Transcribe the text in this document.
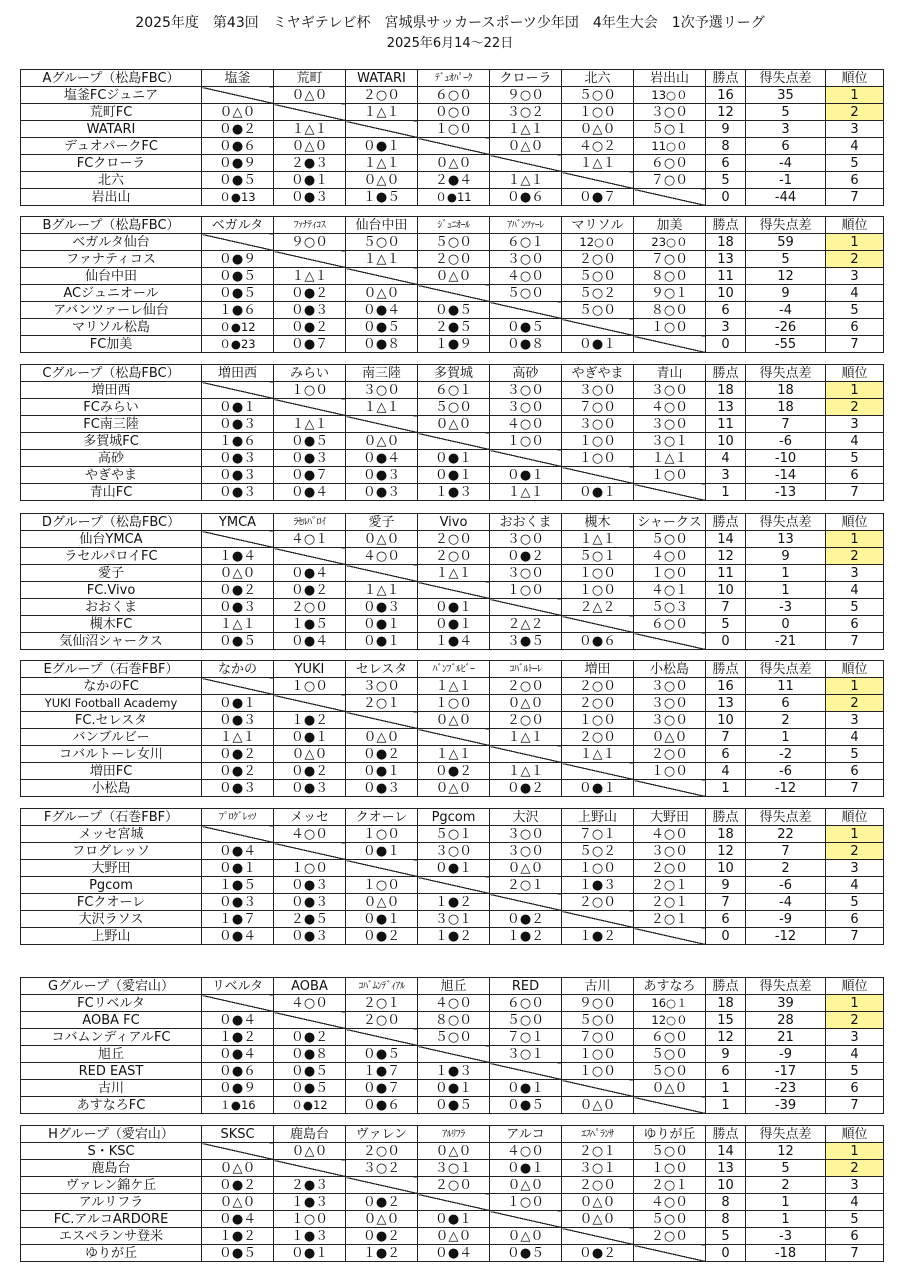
2025年度　第43回　ミヤギテレビ杯　宮城県サッカースポーツ少年団　4年生大会　1次予選リーグ
2025年6月14～22日
Aグループ（松島FBC）	塩釜	荒町	WATARI	ﾃﾞｭｵﾊﾟｰｸ	クローラ	北六	岩出山	勝点	得失点差	順位
塩釜FCジュニア		０△０	２○０	６○０	９○０	５○０	13○０	16	35	1
荒町FC	０△０		１△１	０○０	３○２	１○０	３○０	12	5	2
WATARI	０●２	１△１		１○０	１△１	０△０	５○１	9	3	3
デュオパークFC	０●６	０△０	０●１		０△０	４○２	11○０	8	6	4
FCクローラ	０●９	２●３	１△１	０△０		１△１	６○０	6	-4	5
北六	０●５	０●１	０△０	２●４	１△１		７○０	5	-1	6
岩出山	０●13	０●３	１●５	０●11	０●６	０●７		0	-44	7
Bグループ（松島FBC）	ベガルタ	ﾌｧﾅﾃｨｺｽ	仙台中田	ｼﾞｭﾆｵｰﾙ	ｱﾊﾞﾝﾂｧｰﾚ	マリソル	加美	勝点	得失点差	順位
ベガルタ仙台		９○０	５○０	５○０	６○１	12○０	23○０	18	59	1
ファナティコス	０●９		１△１	２○０	３○０	２○０	７○０	13	5	2
仙台中田	０●５	１△１		０△０	４○０	５○０	８○０	11	12	3
ACジュニオール	０●５	０●２	０△０		５○０	５○２	９○１	10	9	4
アバンツァーレ仙台	１●６	０●３	０●４	０●５		５○０	８○０	6	-4	5
マリソル松島	０●12	０●２	０●５	２●５	０●５		１○０	3	-26	6
FC加美	０●23	０●７	０●８	１●９	０●８	０●１		0	-55	7
Cグループ（松島FBC）	増田西	みらい	南三陸	多賀城	高砂	やぎやま	青山	勝点	得失点差	順位
増田西		１○０	３○０	６○１	３○０	３○０	３○０	18	18	1
FCみらい	０●１		１△１	５○０	３○０	７○０	４○０	13	18	2
FC南三陸	０●３	１△１		０△０	４○０	３○０	３○０	11	7	3
多賀城FC	１●６	０●５	０△０		１○０	１○０	３○１	10	-6	4
高砂	０●３	０●３	０●４	０●１		１○０	１△１	4	-10	5
やぎやま	０●３	０●７	０●３	０●１	０●１		１○０	3	-14	6
青山FC	０●３	０●４	０●３	１●３	１△１	０●１		1	-13	7
Dグループ（松島FBC）	YMCA	ﾗｾﾙﾊﾟﾛｲ	愛子	Vivo	おおくま	槻木	シャークス	勝点	得失点差	順位
仙台YMCA		４○１	０△０	２○０	３○０	１△１	５○０	14	13	1
ラセルパロイFC	１●４		４○０	２○０	０●２	５○１	４○０	12	9	2
愛子	０△０	０●４		１△１	３○０	１○０	１○０	11	1	3
FC.Vivo	０●２	０●２	１△１		１○０	１○０	４○１	10	1	4
おおくま	０●３	２○０	０●３	０●１		２△２	５○３	7	-3	5
槻木FC	１△１	１●５	０●１	０●１	２△２		６○０	5	0	6
気仙沼シャークス	０●５	０●４	０●１	１●４	３●５	０●６		0	-21	7
Eグループ（石巻FBF）	なかの	YUKI	セレスタ	ﾊﾞﾝﾌﾞﾙﾋﾞｰ	ｺﾊﾞﾙﾄｰﾚ	増田	小松島	勝点	得失点差	順位
なかのFC		１○０	３○０	１△１	２○０	２○０	３○０	16	11	1
YUKI Football Academy	０●１		２○１	１○０	０△０	２○０	３○０	13	6	2
FC.セレスタ	０●３	１●２		０△０	２○０	１○０	３○０	10	2	3
バンブルビー	１△１	０●１	０△０		１△１	２○０	０△０	7	1	4
コバルトーレ女川	０●２	０△０	０●２	１△１		１△１	２○０	6	-2	5
増田FC	０●２	０●２	０●１	０●２	１△１		１○０	4	-6	6
小松島	０●３	０●３	０●３	０△０	０●２	０●１		1	-12	7
Fグループ（石巻FBF）	ﾌﾟﾛｸﾞﾚｯｿ	メッセ	クオーレ	Pgcom	大沢	上野山	大野田	勝点	得失点差	順位
メッセ宮城		４○０	１○０	５○１	３○０	７○１	４○０	18	22	1
フログレッソ	０●４		０●１	３○０	３○０	５○２	３○０	12	7	2
大野田	０●１	１○０		０●１	０△０	１○０	２○０	10	2	3
Pgcom	１●５	０●３	１○０		２○１	１●３	２○１	9	-6	4
FCクオーレ	０●３	０●３	０△０	１●２		２○０	２○１	7	-4	5
大沢ラソス	１●７	２●５	０●１	３○１	０●２		２○１	6	-9	6
上野山	０●４	０●３	０●２	１●２	１●２	１●２		0	-12	7
Gグループ（愛宕山）	リベルタ	AOBA	ｺﾊﾞﾑﾝﾃﾞｨｱﾙ	旭丘	RED	古川	あすなろ	勝点	得失点差	順位
FCリベルタ		４○０	２○１	４○０	６○０	９○０	16○１	18	39	1
AOBA FC	０●４		２○０	８○０	５○０	５○０	12○０	15	28	2
コバムンディアルFC	１●２	０●２		５○０	７○１	７○０	６○０	12	21	3
旭丘	０●４	０●８	０●５		３○１	１○０	５○０	9	-9	4
RED EAST	０●６	０●５	１●７	１●３		１○０	５○０	6	-17	5
古川	０●９	０●５	０●７	０●１	０●１		０△０	1	-23	6
あすなろFC	１●16	０●12	０●６	０●５	０●５	０△０		1	-39	7
Hグループ（愛宕山）	SKSC	鹿島台	ヴァレン	ｱﾙﾘﾌﾗ	アルコ	ｴｽﾍﾟﾗﾝｻ	ゆりが丘	勝点	得失点差	順位
S・KSC		０△０	２○０	０△０	４○０	２○１	５○０	14	12	1
鹿島台	０△０		３○２	３○１	０●１	３○１	１○０	13	5	2
ヴァレン錦ケ丘	０●２	２●３		２○０	０△０	２○０	２○１	10	2	3
アルリフラ	０△０	１●３	０●２		１○０	０△０	４○０	8	1	4
FC.アルコARDORE	０●４	１○０	０△０	０●１		０△０	５○０	8	1	5
エスペランサ登米	１●２	１●３	０●２	０△０	０△０		２○０	5	-3	6
ゆりが丘	０●５	０●１	１●２	０●４	０●５	０●２		0	-18	7
